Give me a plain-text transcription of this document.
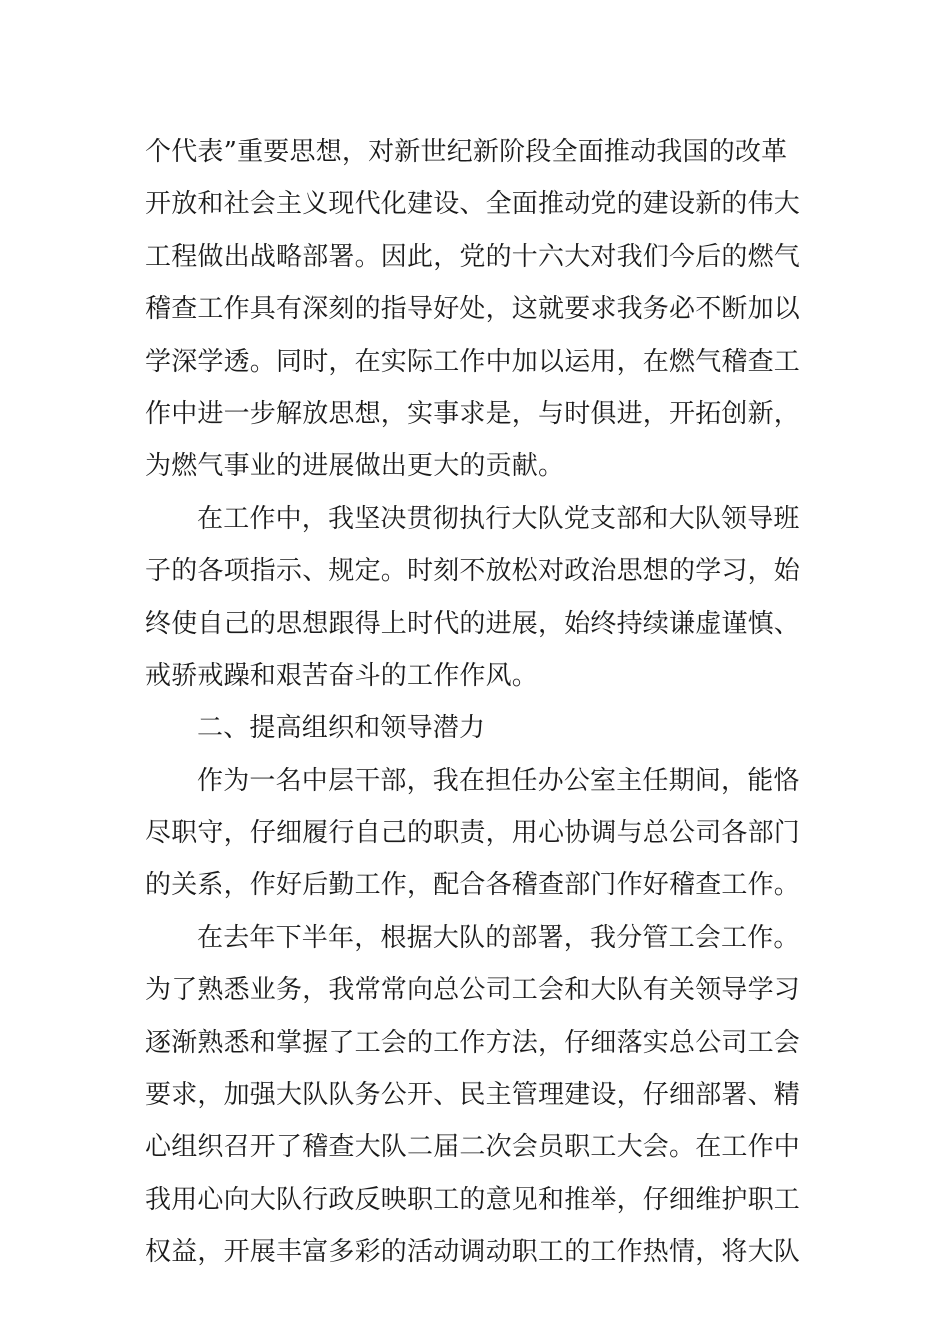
个代表”重要思想，对新世纪新阶段全面推动我国的改革
开放和社会主义现代化建设、全面推动党的建设新的伟大
工程做出战略部署。因此，党的十六大对我们今后的燃气
稽查工作具有深刻的指导好处，这就要求我务必不断加以
学深学透。同时，在实际工作中加以运用，在燃气稽查工
作中进一步解放思想，实事求是，与时俱进，开拓创新，
为燃气事业的进展做出更大的贡献。
在工作中，我坚决贯彻执行大队党支部和大队领导班
子的各项指示、规定。时刻不放松对政治思想的学习，始
终使自己的思想跟得上时代的进展，始终持续谦虚谨慎、
戒骄戒躁和艰苦奋斗的工作作风。
二、提高组织和领导潜力
作为一名中层干部，我在担任办公室主任期间，能恪
尽职守，仔细履行自己的职责，用心协调与总公司各部门
的关系，作好后勤工作，配合各稽查部门作好稽查工作。
在去年下半年，根据大队的部署，我分管工会工作。
为了熟悉业务，我常常向总公司工会和大队有关领导学习
逐渐熟悉和掌握了工会的工作方法，仔细落实总公司工会
要求，加强大队队务公开、民主管理建设，仔细部署、精
心组织召开了稽查大队二届二次会员职工大会。在工作中
我用心向大队行政反映职工的意见和推举，仔细维护职工
权益，开展丰富多彩的活动调动职工的工作热情，将大队
